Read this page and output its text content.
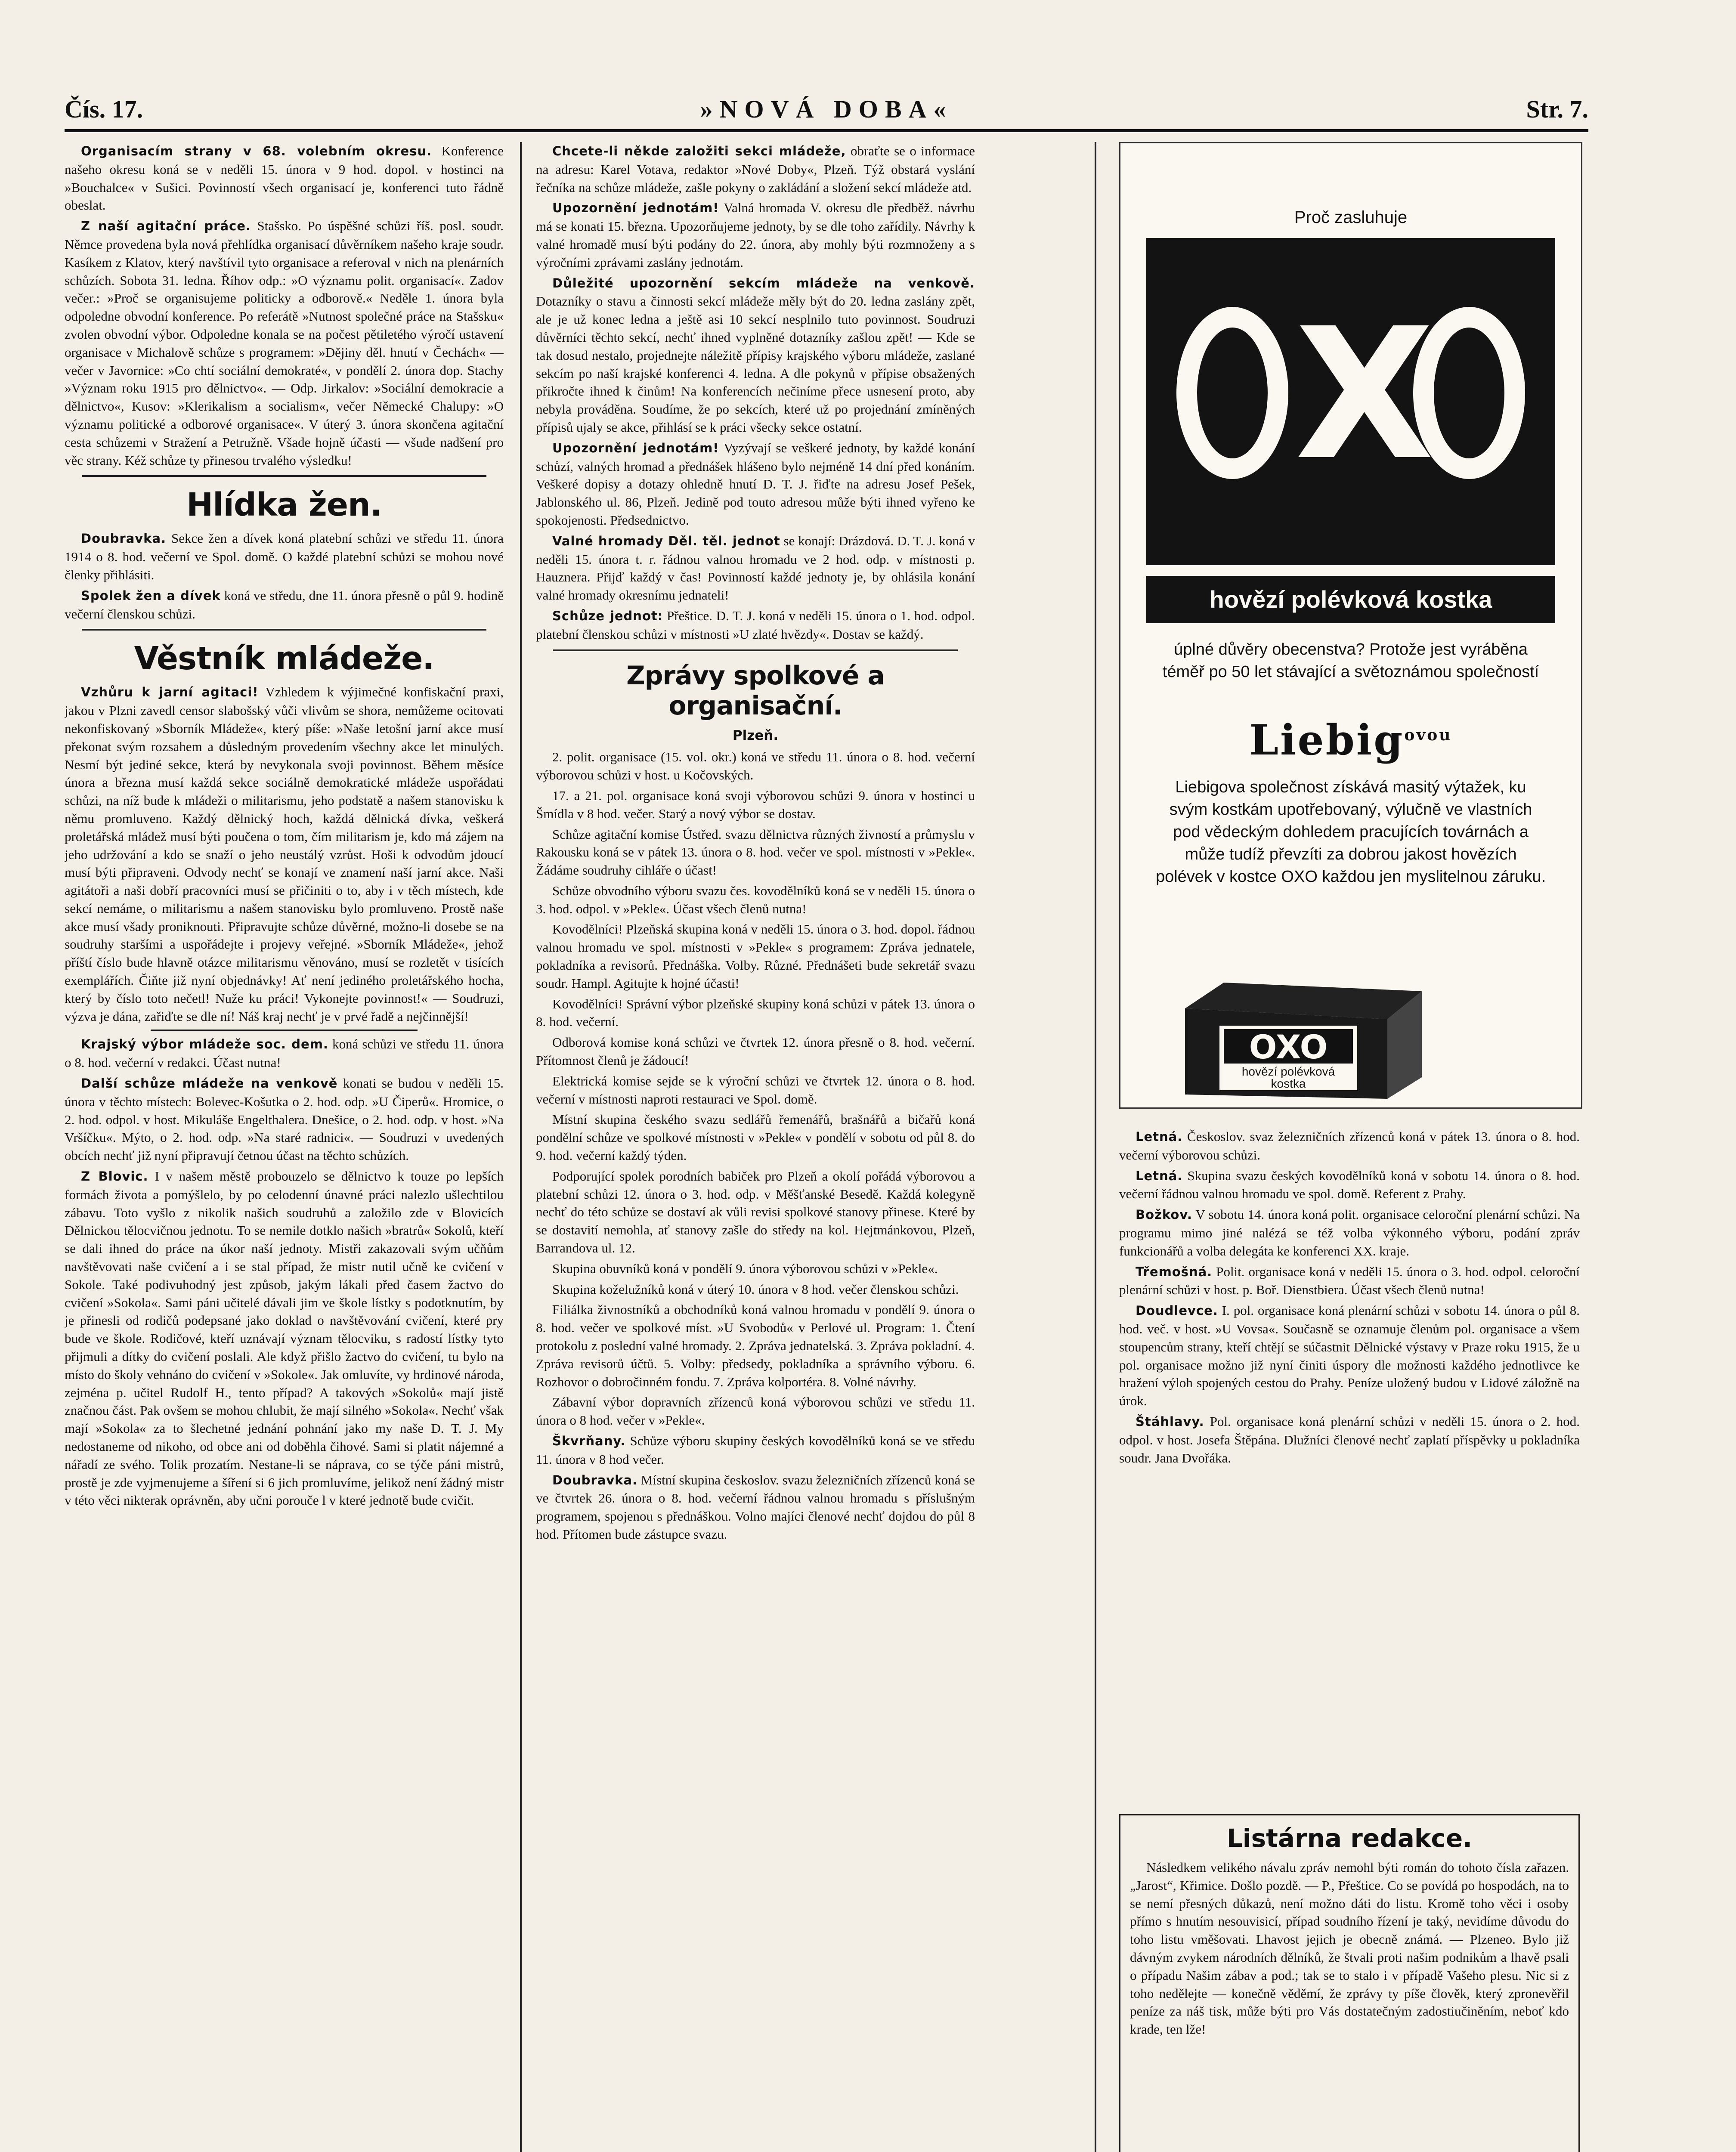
Čís. 17.	»NOVÁ DOBA«	Str. 7.

Organisacím strany v 68. volebním okresu. Konference našeho okresu koná se v neděli 15. února v 9 hod. dopol. v hostinci na »Bouchalce« v Sušici. Povinností všech organisací je, konferenci tuto řádně obeslat.

Z naší agitační práce. Stašsko. Po úspěšné schůzi říš. posl. soudr. Němce provedena byla nová přehlídka organisací důvěrníkem našeho kraje soudr. Kasíkem z Klatov, který navštívil tyto organisace a referoval v nich na plenárních schůzích. Sobota 31. ledna. Říhov odp.: »O významu polit. organisací«. Zadov večer.: »Proč se organisujeme politicky a odborově.« Neděle 1. února byla odpoledne obvodní konference. Po referátě »Nutnost společné práce na Stašsku« zvolen obvodní výbor. Odpoledne konala se na počest pětiletého výročí ustavení organisace v Michalově schůze s programem: »Dějiny děl. hnutí v Čechách« — večer v Javornice: »Co chtí sociální demokraté«, v pondělí 2. února dop. Stachy »Význam roku 1915 pro dělnictvo«. — Odp. Jirkalov: »Sociální demokracie a dělnictvo«, Kusov: »Klerikalism a socialism«, večer Německé Chalupy: »O významu politické a odborové organisace«. V úterý 3. února skončena agitační cesta schůzemi v Stražení a Petružně. Všade hojně účasti — všude nadšení pro věc strany. Kéž schůze ty přinesou trvalého výsledku!

Hlídka žen.

Doubravka. Sekce žen a dívek koná platební schůzi ve středu 11. února 1914 o 8. hod. večerní ve Spol. domě. O každé platební schůzi se mohou nové členky přihlásiti.

Spolek žen a dívek koná ve středu, dne 11. února přesně o půl 9. hodině večerní členskou schůzi.

Věstník mládeže.

Vzhůru k jarní agitaci! Vzhledem k výjimečné konfiskační praxi, jakou v Plzni zavedl censor slabošský vůči vlivům se shora, nemůžeme ocitovati nekonfiskovaný »Sborník Mládeže«, který píše: »Naše letošní jarní akce musí překonat svým rozsahem a důsledným provedením všechny akce let minulých. Nesmí být jediné sekce, která by nevykonala svoji povinnost. Během měsíce února a března musí každá sekce sociálně demokratické mládeže uspořádati schůzi, na níž bude k mládeži o militarismu, jeho podstatě a našem stanovisku k němu promluveno. Každý dělnický hoch, každá dělnická dívka, veškerá proletářská mládež musí býti poučena o tom, čím militarism je, kdo má zájem na jeho udržování a kdo se snaží o jeho neustálý vzrůst. Hoši k odvodům jdoucí musí býti připraveni. Odvody nechť se konají ve znamení naší jarní akce. Naši agitátoři a naši dobří pracovníci musí se přičiniti o to, aby i v těch místech, kde sekcí nemáme, o militarismu a našem stanovisku bylo promluveno. Prostě naše akce musí všady proniknouti. Připravujte schůze důvěrné, možno-li dosebe se na soudruhy staršími a uspořádejte i projevy veřejné. »Sborník Mládeže«, jehož příští číslo bude hlavně otázce militarismu věnováno, musí se rozletět v tisících exemplářích. Čiňte již nyní objednávky! Ať není jediného proletářského hocha, který by číslo toto nečetl! Nuže ku práci! Vykonejte povinnost!« — Soudruzi, výzva je dána, zařiďte se dle ní! Náš kraj nechť je v prvé řadě a nejčinnější!

Krajský výbor mládeže soc. dem. koná schůzi ve středu 11. února o 8. hod. večerní v redakci. Účast nutna!

Další schůze mládeže na venkově konati se budou v neděli 15. února v těchto místech: Bolevec-Košutka o 2. hod. odp. »U Čiperů«. Hromice, o 2. hod. odpol. v host. Mikuláše Engelthalera. Dnešice, o 2. hod. odp. v host. »Na Vršíčku«. Mýto, o 2. hod. odp. »Na staré radnici«. — Soudruzi v uvedených obcích nechť již nyní připravují četnou účast na těchto schůzích.

Z Blovic. I v našem městě probouzelo se dělnictvo k touze po lepších formách života a pomýšlelo, by po celodenní únavné práci nalezlo ušlechtilou zábavu. Toto vyšlo z nikolik našich soudruhů a založilo zde v Blovicích Dělnickou tělocvičnou jednotu. To se nemile dotklo našich »bratrů« Sokolů, kteří se dali ihned do práce na úkor naší jednoty. Mistři zakazovali svým učňům navštěvovati naše cvičení a i se stal případ, že mistr nutil učně ke cvičení v Sokole. Také podivuhodný jest způsob, jakým lákali před časem žactvo do cvičení »Sokola«. Sami páni učitelé dávali jim ve škole lístky s podotknutím, by je přinesli od rodičů podepsané jako doklad o navštěvování cvičení, které pry bude ve škole. Rodičové, kteří uznávají význam tělocviku, s radostí lístky tyto přijmuli a dítky do cvičení poslali. Ale když přišlo žactvo do cvičení, tu bylo na místo do školy vehnáno do cvičení v »Sokole«. Jak omluvíte, vy hrdinové národa, zejména p. učitel Rudolf H., tento případ? A takových »Sokolů« mají jistě značnou část. Pak ovšem se mohou chlubit, že mají silného »Sokola«. Nechť však mají »Sokola« za to šlechetné jednání pohnání jako my naše D. T. J. My nedostaneme od nikoho, od obce ani od doběhla čihové. Sami si platit nájemné a nářadí ze svého. Tolik prozatím. Nestane-li se náprava, co se týče páni mistrů, prostě je zde vyjmenujeme a šíření si 6 jich promluvíme, jelikož není žádný mistr v této věci nikterak oprávněn, aby učni porouče l v které jednotě bude cvičit.

Chcete-li někde založiti sekci mládeže, obraťte se o informace na adresu: Karel Votava, redaktor »Nové Doby«, Plzeň. Týž obstará vyslání řečníka na schůze mládeže, zašle pokyny o zakládání a složení sekcí mládeže atd.

Upozornění jednotám! Valná hromada V. okresu dle předběž. návrhu má se konati 15. března. Upozorňujeme jednoty, by se dle toho zařídily. Návrhy k valné hromadě musí býti podány do 22. února, aby mohly býti rozmnoženy a s výročními zprávami zaslány jednotám.

Důležité upozornění sekcím mládeže na venkově. Dotazníky o stavu a činnosti sekcí mládeže měly být do 20. ledna zaslány zpět, ale je už konec ledna a ještě asi 10 sekcí nesplnilo tuto povinnost. Soudruzi důvěrníci těchto sekcí, nechť ihned vyplněné dotazníky zašlou zpět! — Kde se tak dosud nestalo, projednejte náležitě přípisy krajského výboru mládeže, zaslané sekcím po naší krajské konferenci 4. ledna. A dle pokynů v přípise obsažených přikročte ihned k činům! Na konferencích nečiníme přece usnesení proto, aby nebyla prováděna. Soudíme, že po sekcích, které už po projednání zmíněných přípisů ujaly se akce, přihlásí se k práci všecky sekce ostatní.

Upozornění jednotám! Vyzývají se veškeré jednoty, by každé konání schůzí, valných hromad a přednášek hlášeno bylo nejméně 14 dní před konáním. Veškeré dopisy a dotazy ohledně hnutí D. T. J. řiďte na adresu Josef Pešek, Jablonského ul. 86, Plzeň. Jedině pod touto adresou může býti ihned vyřeno ke spokojenosti. Předsednictvo.

Valné hromady Děl. těl. jednot se konají: Drázdová. D. T. J. koná v neděli 15. února t. r. řádnou valnou hromadu ve 2 hod. odp. v místnosti p. Hauznera. Přijď každý v čas! Povinností každé jednoty je, by ohlásila konání valné hromady okresnímu jednateli!

Schůze jednot: Přeštice. D. T. J. koná v neděli 15. února o 1. hod. odpol. platební členskou schůzi v místnosti »U zlaté hvězdy«. Dostav se každý.

Zprávy spolkové a organisační.
Plzeň.

2. polit. organisace (15. vol. okr.) koná ve středu 11. února o 8. hod. večerní výborovou schůzi v host. u Kočovských.

17. a 21. pol. organisace koná svoji výborovou schůzi 9. února v hostinci u Šmídla v 8 hod. večer. Starý a nový výbor se dostav.

Schůze agitační komise Ústřed. svazu dělnictva různých živností a průmyslu v Rakousku koná se v pátek 13. února o 8. hod. večer ve spol. místnosti v »Pekle«. Žádáme soudruhy cihláře o účast!

Schůze obvodního výboru svazu čes. kovodělníků koná se v neděli 15. února o 3. hod. odpol. v »Pekle«. Účast všech členů nutna!

Kovodělníci! Plzeňská skupina koná v neděli 15. února o 3. hod. dopol. řádnou valnou hromadu ve spol. místnosti v »Pekle« s programem: Zpráva jednatele, pokladníka a revisorů. Přednáška. Volby. Různé. Přednášeti bude sekretář svazu soudr. Hampl. Agitujte k hojné účasti!

Kovodělníci! Správní výbor plzeňské skupiny koná schůzi v pátek 13. února o 8. hod. večerní.

Odborová komise koná schůzi ve čtvrtek 12. února přesně o 8. hod. večerní. Přítomnost členů je žádoucí!

Elektrická komise sejde se k výroční schůzi ve čtvrtek 12. února o 8. hod. večerní v místnosti naproti restauraci ve Spol. domě.

Místní skupina českého svazu sedlářů řemenářů, brašnářů a bičařů koná pondělní schůze ve spolkové místnosti v »Pekle« v pondělí v sobotu od půl 8. do 9. hod. večerní každý týden.

Podporující spolek porodních babiček pro Plzeň a okolí pořádá výborovou a platební schůzi 12. února o 3. hod. odp. v Měšťanské Besedě. Každá kolegyně nechť do této schůze se dostaví ak vůli revisi spolkové stanovy přinese. Které by se dostavití nemohla, ať stanovy zašle do středy na kol. Hejtmánkovou, Plzeň, Barrandova ul. 12.

Skupina obuvníků koná v pondělí 9. února výborovou schůzi v »Pekle«.

Skupina koželužníků koná v úterý 10. února v 8 hod. večer členskou schůzi.

Filiálka živnostníků a obchodníků koná valnou hromadu v pondělí 9. února o 8. hod. večer ve spolkové míst. »U Svobodů« v Perlové ul. Program: 1. Čtení protokolu z poslední valné hromady. 2. Zpráva jednatelská. 3. Zpráva pokladní. 4. Zpráva revisorů účtů. 5. Volby: předsedy, pokladníka a správního výboru. 6. Rozhovor o dobročinném fondu. 7. Zpráva kolportéra. 8. Volné návrhy.

Zábavní výbor dopravních zřízenců koná výborovou schůzi ve středu 11. února o 8 hod. večer v »Pekle«.

Škvrňany. Schůze výboru skupiny českých kovodělníků koná se ve středu 11. února v 8 hod večer.

Doubravka. Místní skupina českoslov. svazu železničních zřízenců koná se ve čtvrtek 26. února o 8. hod. večerní řádnou valnou hromadu s příslušným programem, spojenou s přednáškou. Volno majíci členové nechť dojdou do půl 8 hod. Přítomen bude zástupce svazu.

Proč zasluhuje
X
hovězí polévková kostka
úplné důvěry obecenstva? Protože jest vyráběna téměř po 50 let stávající a světoznámou společností
Liebig$^{ovou}$
Liebigova společnost získává masitý výtažek, ku svým kostkám upotřebovaný, výlučně ve vlastních pod vědeckým dohledem pracujících továrnách a může tudíž převzíti za dobrou jakost hovězích polévek v kostce OXO každou jen myslitelnou záruku.
OXO
hovězí polévková
kostka

Letná. Českoslov. svaz železničních zřízenců koná v pátek 13. února o 8. hod. večerní výborovou schůzi.

Letná. Skupina svazu českých kovodělníků koná v sobotu 14. února o 8. hod. večerní řádnou valnou hromadu ve spol. domě. Referent z Prahy.

Božkov. V sobotu 14. února koná polit. organisace celoroční plenární schůzi. Na programu mimo jiné nalézá se též volba výkonného výboru, podání zpráv funkcionářů a volba delegáta ke konferenci XX. kraje.

Třemošná. Polit. organisace koná v neděli 15. února o 3. hod. odpol. celoroční plenární schůzi v host. p. Boř. Dienstbiera. Účast všech členů nutna!

Doudlevce. I. pol. organisace koná plenární schůzi v sobotu 14. února o půl 8. hod. več. v host. »U Vovsa«. Současně se oznamuje členům pol. organisace a všem stoupencům strany, kteří chtějí se súčastnit Dělnické výstavy v Praze roku 1915, že u pol. organisace možno již nyní činiti úspory dle možnosti každého jednotlivce ke hražení výloh spojených cestou do Prahy. Peníze uložený budou v Lidové záložně na úrok.

Štáhlavy. Pol. organisace koná plenární schůzi v neděli 15. února o 2. hod. odpol. v host. Josefa Štěpána. Dlužníci členové nechť zaplatí příspěvky u pokladníka soudr. Jana Dvořáka.

Listárna redakce.

Následkem velikého návalu zpráv nemohl býti román do tohoto čísla zařazen. „Jarost“, Křimice. Došlo pozdě. — P., Přeštice. Co se povídá po hospodách, na to se nemí přesných důkazů, není možno dáti do listu. Kromě toho věci i osoby přímo s hnutím nesouvisicí, případ soudního řízení je taký, nevidíme důvodu do toho listu vměšovati. Lhavost jejich je obecně známá. — Plzeneo. Bylo již dávným zvykem národních dělníků, že štvali proti našim podnikům a lhavě psali o případu Našim zábav a pod.; tak se to stalo i v případě Vašeho plesu. Nic si z toho nedělejte — konečně věděmí, že zprávy ty píše člověk, který zpronevěřil peníze za náš tisk, může býti pro Vás dostatečným zadostiučiněním, neboť kdo krade, ten lže!
